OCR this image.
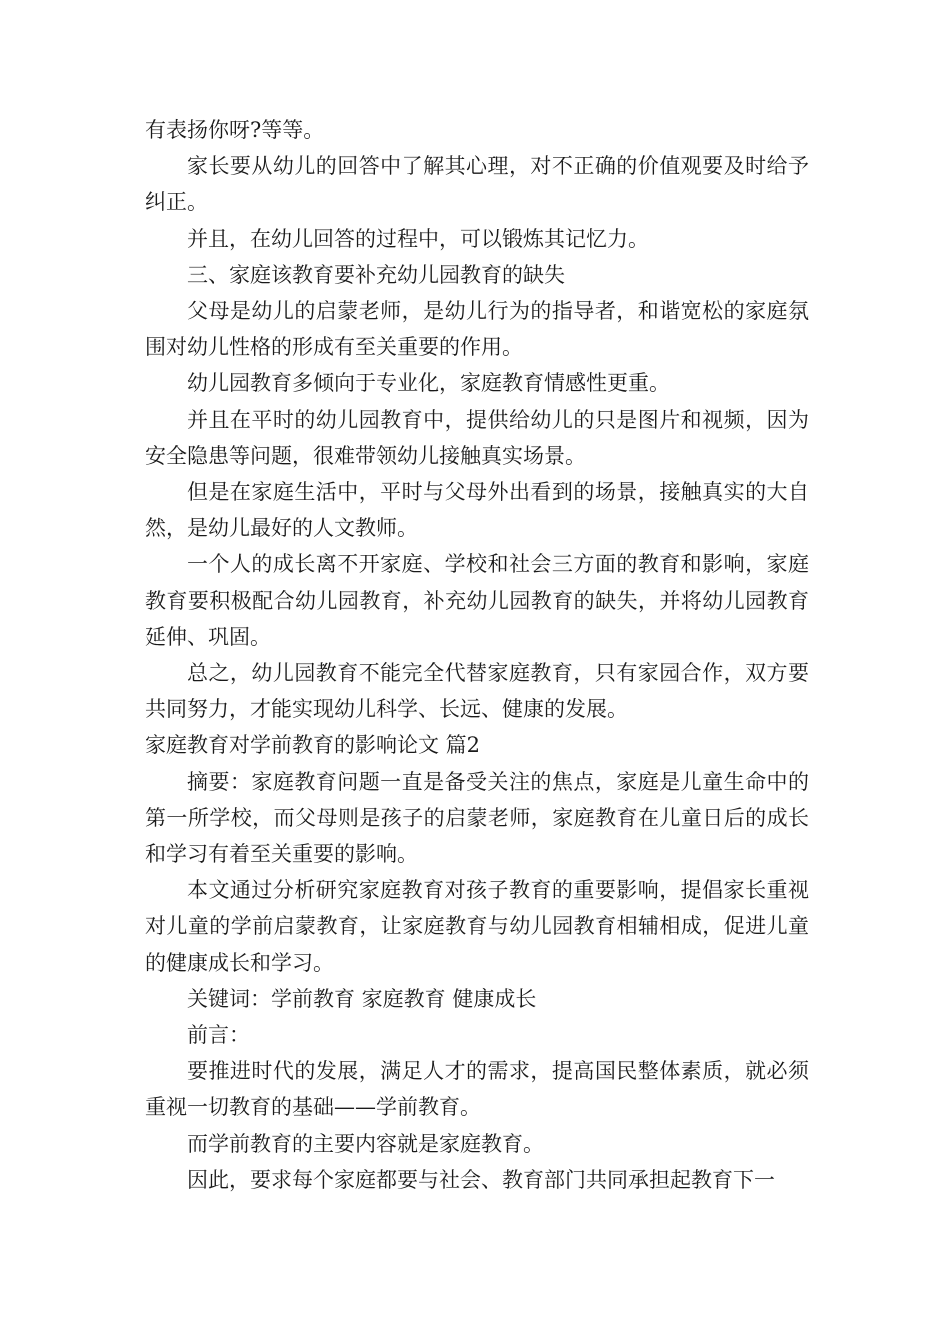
有表扬你呀?等等。

家长要从幼儿的回答中了解其心理，对不正确的价值观要及时给予纠正。

并且，在幼儿回答的过程中，可以锻炼其记忆力。

三、家庭该教育要补充幼儿园教育的缺失

父母是幼儿的启蒙老师，是幼儿行为的指导者，和谐宽松的家庭氛围对幼儿性格的形成有至关重要的作用。

幼儿园教育多倾向于专业化，家庭教育情感性更重。

并且在平时的幼儿园教育中，提供给幼儿的只是图片和视频，因为安全隐患等问题，很难带领幼儿接触真实场景。

但是在家庭生活中，平时与父母外出看到的场景，接触真实的大自然，是幼儿最好的人文教师。

一个人的成长离不开家庭、学校和社会三方面的教育和影响，家庭教育要积极配合幼儿园教育，补充幼儿园教育的缺失，并将幼儿园教育延伸、巩固。

总之，幼儿园教育不能完全代替家庭教育，只有家园合作，双方要共同努力，才能实现幼儿科学、长远、健康的发展。

家庭教育对学前教育的影响论文 篇2

摘要：家庭教育问题一直是备受关注的焦点，家庭是儿童生命中的第一所学校，而父母则是孩子的启蒙老师，家庭教育在儿童日后的成长和学习有着至关重要的影响。

本文通过分析研究家庭教育对孩子教育的重要影响，提倡家长重视对儿童的学前启蒙教育，让家庭教育与幼儿园教育相辅相成，促进儿童的健康成长和学习。

关键词：学前教育 家庭教育 健康成长

前言：

要推进时代的发展，满足人才的需求，提高国民整体素质，就必须重视一切教育的基础——学前教育。

而学前教育的主要内容就是家庭教育。

因此，要求每个家庭都要与社会、教育部门共同承担起教育下一
